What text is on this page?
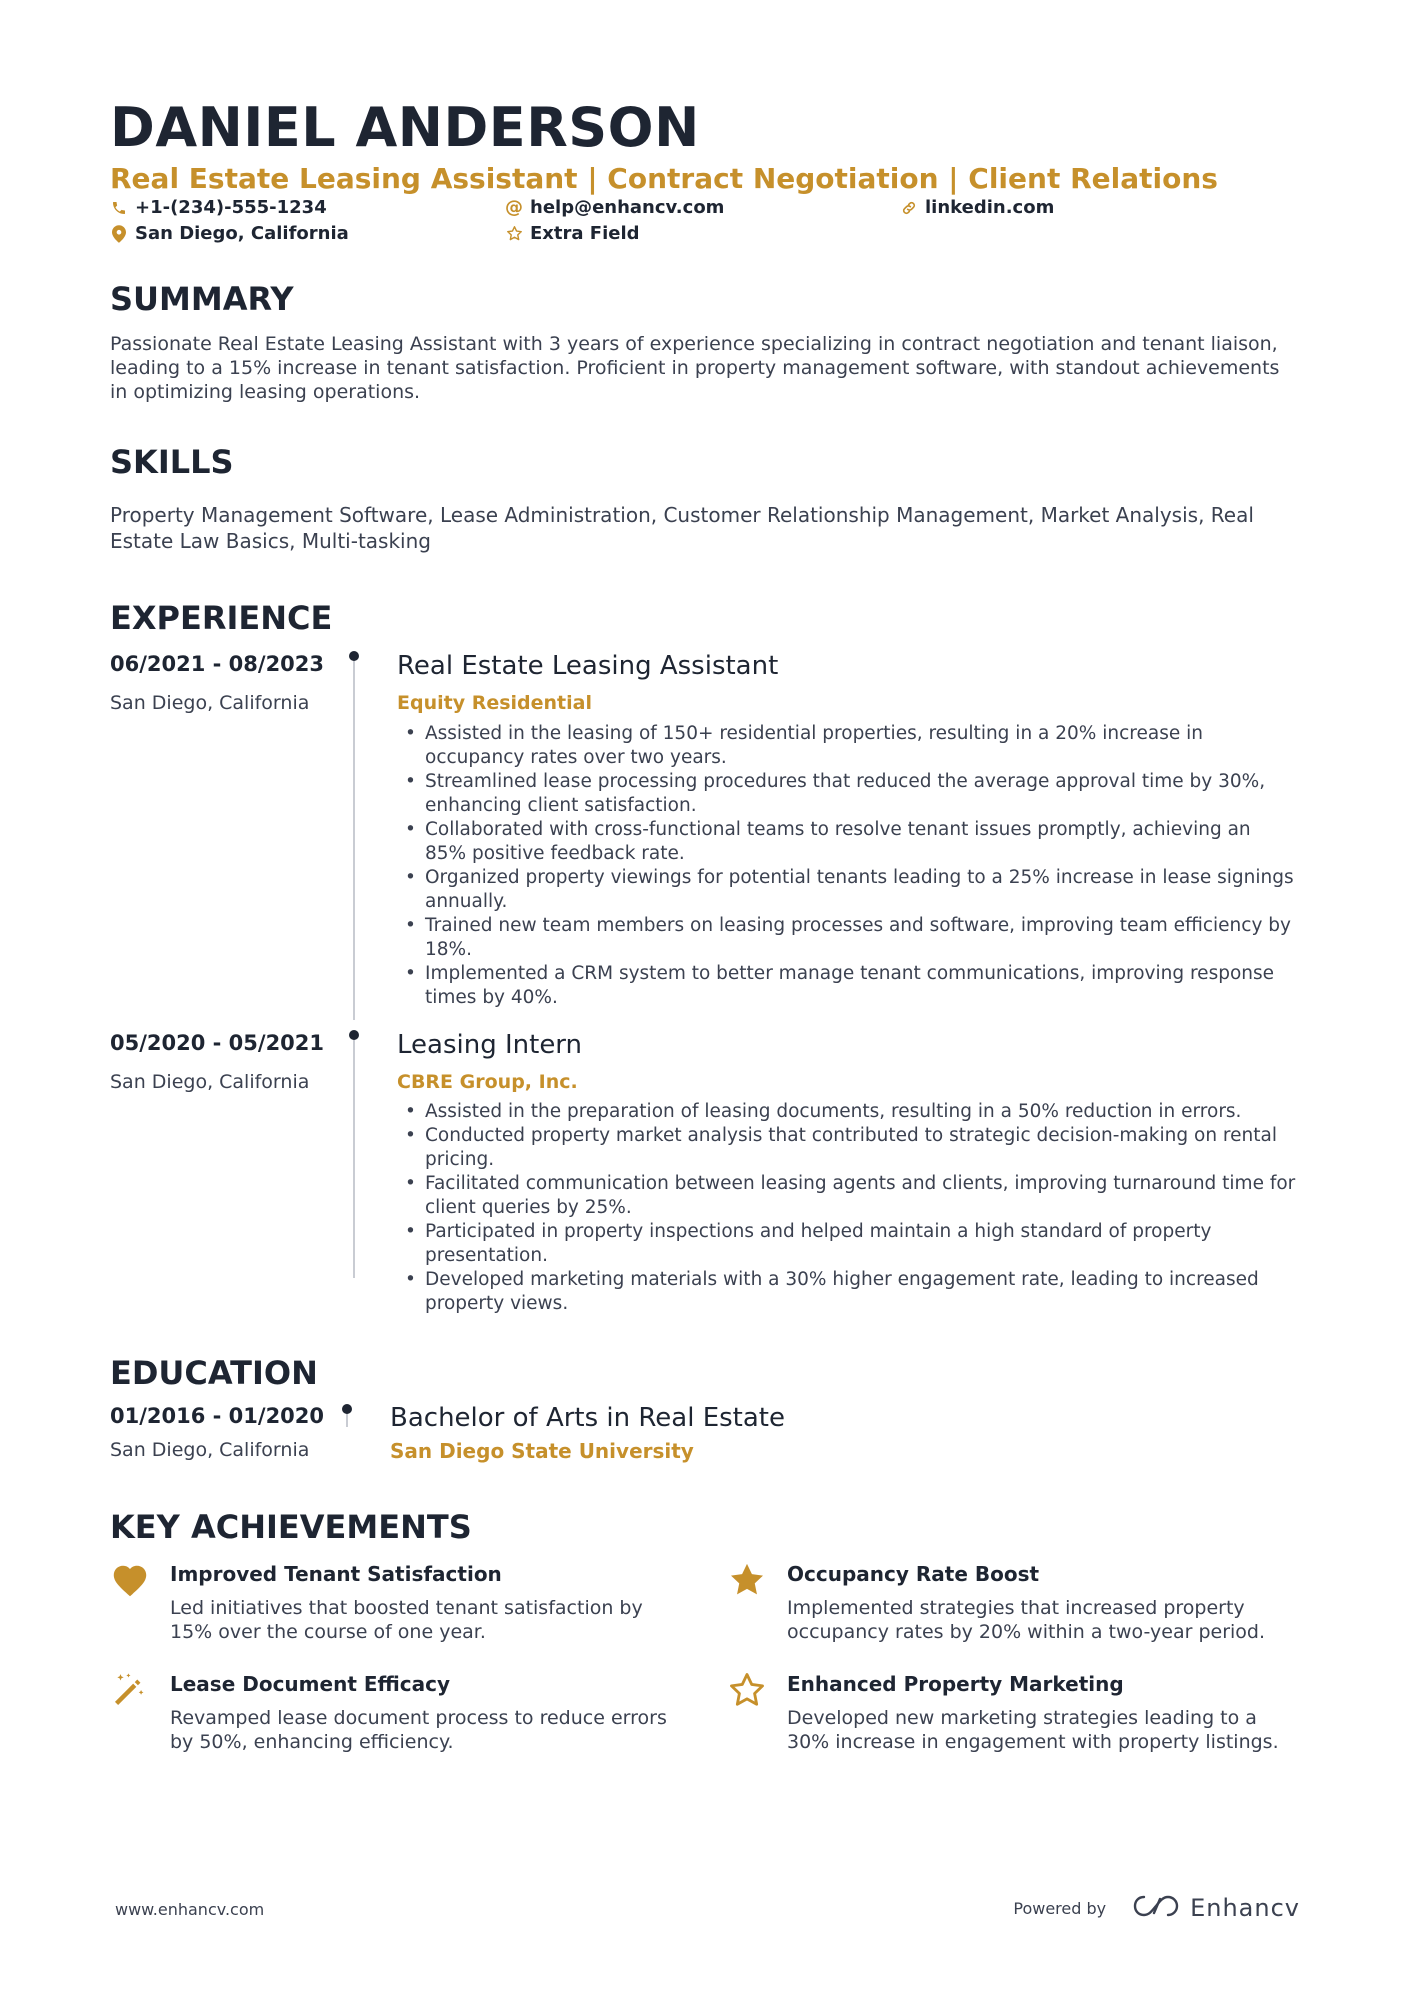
DANIEL ANDERSON
Real Estate Leasing Assistant | Contract Negotiation | Client Relations
+1-(234)-555-1234	@ help@enhancv.com	linkedin.com
San Diego, California	Extra Field
SUMMARY
Passionate Real Estate Leasing Assistant with 3 years of experience specializing in contract negotiation and tenant liaison, leading to a 15% increase in tenant satisfaction. Proficient in property management software, with standout achievements in optimizing leasing operations.
SKILLS
Property Management Software, Lease Administration, Customer Relationship Management, Market Analysis, Real Estate Law Basics, Multi-tasking
EXPERIENCE
06/2021 - 08/2023
San Diego, California
Real Estate Leasing Assistant
Equity Residential
• Assisted in the leasing of 150+ residential properties, resulting in a 20% increase in occupancy rates over two years.
• Streamlined lease processing procedures that reduced the average approval time by 30%, enhancing client satisfaction.
• Collaborated with cross-functional teams to resolve tenant issues promptly, achieving an 85% positive feedback rate.
• Organized property viewings for potential tenants leading to a 25% increase in lease signings annually.
• Trained new team members on leasing processes and software, improving team efficiency by 18%.
• Implemented a CRM system to better manage tenant communications, improving response times by 40%.
05/2020 - 05/2021
San Diego, California
Leasing Intern
CBRE Group, Inc.
• Assisted in the preparation of leasing documents, resulting in a 50% reduction in errors.
• Conducted property market analysis that contributed to strategic decision-making on rental pricing.
• Facilitated communication between leasing agents and clients, improving turnaround time for client queries by 25%.
• Participated in property inspections and helped maintain a high standard of property presentation.
• Developed marketing materials with a 30% higher engagement rate, leading to increased property views.
EDUCATION
01/2016 - 01/2020
San Diego, California
Bachelor of Arts in Real Estate
San Diego State University
KEY ACHIEVEMENTS
Improved Tenant Satisfaction
Led initiatives that boosted tenant satisfaction by 15% over the course of one year.
Occupancy Rate Boost
Implemented strategies that increased property occupancy rates by 20% within a two-year period.
Lease Document Efficacy
Revamped lease document process to reduce errors by 50%, enhancing efficiency.
Enhanced Property Marketing
Developed new marketing strategies leading to a 30% increase in engagement with property listings.
www.enhancv.com	Powered by	Enhancv
